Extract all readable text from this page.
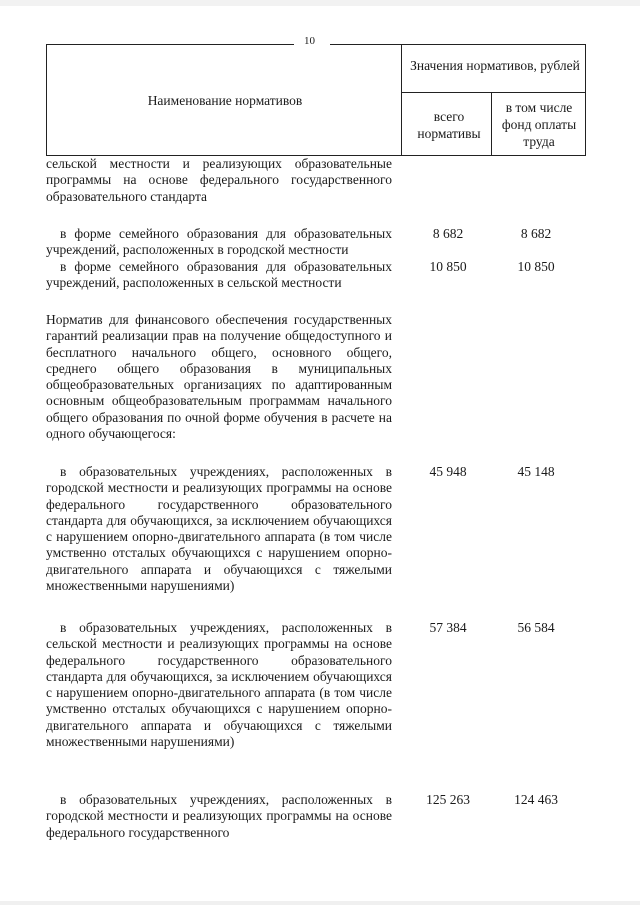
10
Наименование нормативов
Значения нормативов, рублей
всего нормативы
в том числе фонд оплаты труда
сельской местности и реализующих образовательные программы на основе федерального государственного образовательного стандарта
в форме семейного образования для образовательных учреждений, расположенных в городской местности
8 682	8 682
в форме семейного образования для образовательных учреждений, расположенных в сельской местности
10 850	10 850
Норматив для финансового обеспечения государственных гарантий реализации прав на получение общедоступного и бесплатного начального общего, основного общего, среднего общего образования в муниципальных общеобразовательных организациях по адаптированным основным общеобразовательным программам начального общего образования по очной форме обучения в расчете на одного обучающегося:
в образовательных учреждениях, расположенных в городской местности и реализующих программы на основе федерального государственного образовательного стандарта для обучающихся, за исключением обучающихся с нарушением опорно-двигательного аппарата (в том числе умственно отсталых обучающихся с нарушением опорно-двигательного аппарата и обучающихся с тяжелыми множественными нарушениями)
45 948	45 148
в образовательных учреждениях, расположенных в сельской местности и реализующих программы на основе федерального государственного образовательного стандарта для обучающихся, за исключением обучающихся с нарушением опорно-двигательного аппарата (в том числе умственно отсталых обучающихся с нарушением опорно-двигательного аппарата и обучающихся с тяжелыми множественными нарушениями)
57 384	56 584
в образовательных учреждениях, расположенных в городской местности и реализующих программы на основе федерального государственного
125 263	124 463
